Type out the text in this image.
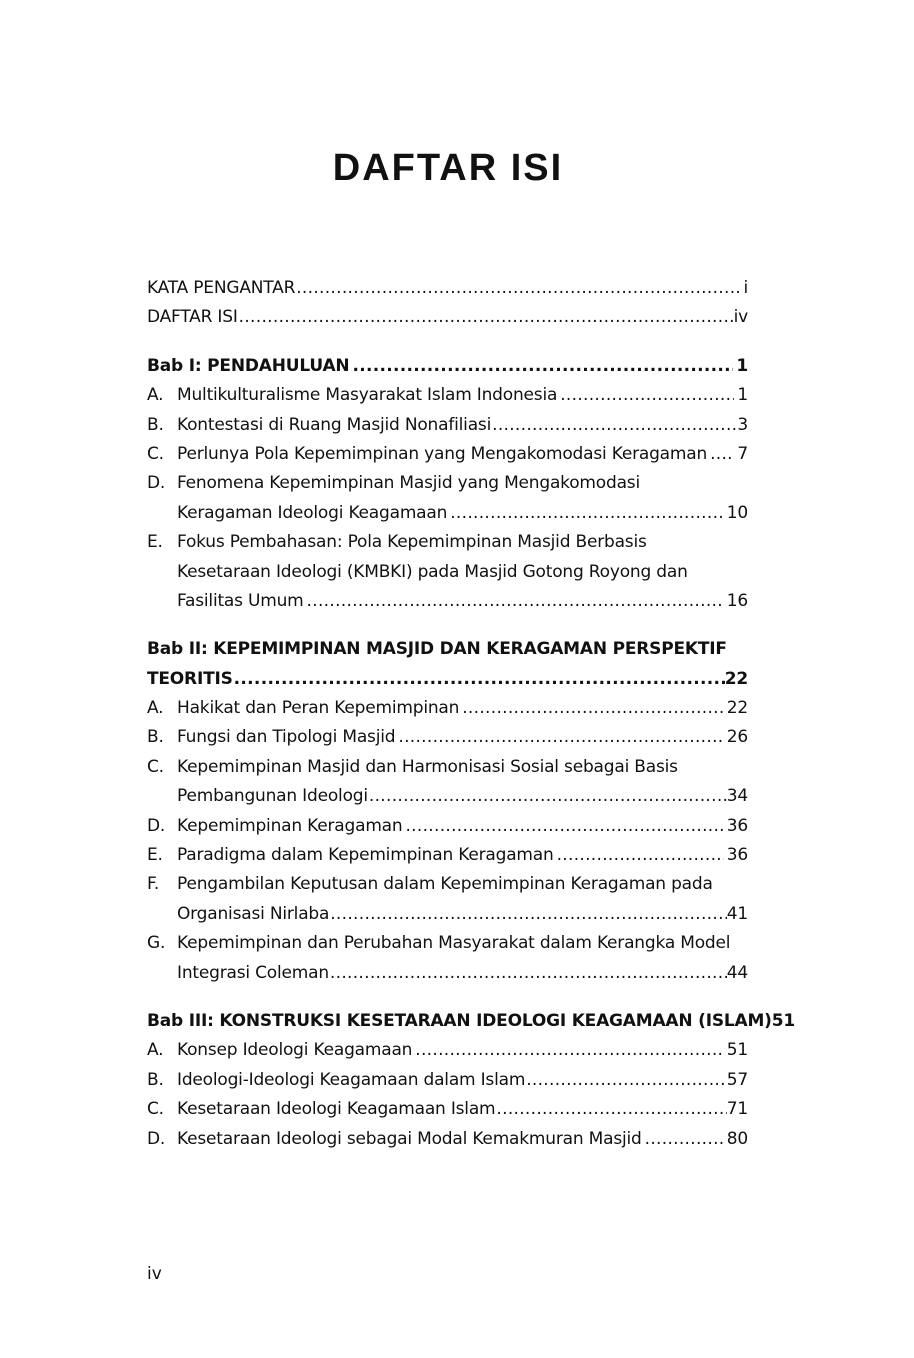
DAFTAR ISI
KATA PENGANTAR .....	i
DAFTAR ISI .....	iv
Bab I: PENDAHULUAN .....	1
A. Multikulturalisme Masyarakat Islam Indonesia .....	1
B. Kontestasi di Ruang Masjid Nonafiliasi .....	3
C. Perlunya Pola Kepemimpinan yang Mengakomodasi Keragaman ..... 7
D. Fenomena Kepemimpinan Masjid yang Mengakomodasi
Keragaman Ideologi Keagamaan .....	10
E. Fokus Pembahasan: Pola Kepemimpinan Masjid Berbasis
Kesetaraan Ideologi (KMBKI) pada Masjid Gotong Royong dan
Fasilitas Umum .....	16
Bab II: KEPEMIMPINAN MASJID DAN KERAGAMAN PERSPEKTIF
TEORITIS .....	22
A. Hakikat dan Peran Kepemimpinan .....	22
B. Fungsi dan Tipologi Masjid .....	26
C. Kepemimpinan Masjid dan Harmonisasi Sosial sebagai Basis
Pembangunan Ideologi .....	34
D. Kepemimpinan Keragaman .....	36
E. Paradigma dalam Kepemimpinan Keragaman .....	36
F.	Pengambilan Keputusan dalam Kepemimpinan Keragaman pada
Organisasi Nirlaba .....	41
G. Kepemimpinan dan Perubahan Masyarakat dalam Kerangka Model
Integrasi Coleman .....	44
Bab III: KONSTRUKSI KESETARAAN IDEOLOGI KEAGAMAAN (ISLAM) 51
A. Konsep Ideologi Keagamaan .....	51
B. Ideologi-Ideologi Keagamaan dalam Islam .....	57
C. Kesetaraan Ideologi Keagamaan Islam .....	71
D. Kesetaraan Ideologi sebagai Modal Kemakmuran Masjid .....	80
iv
